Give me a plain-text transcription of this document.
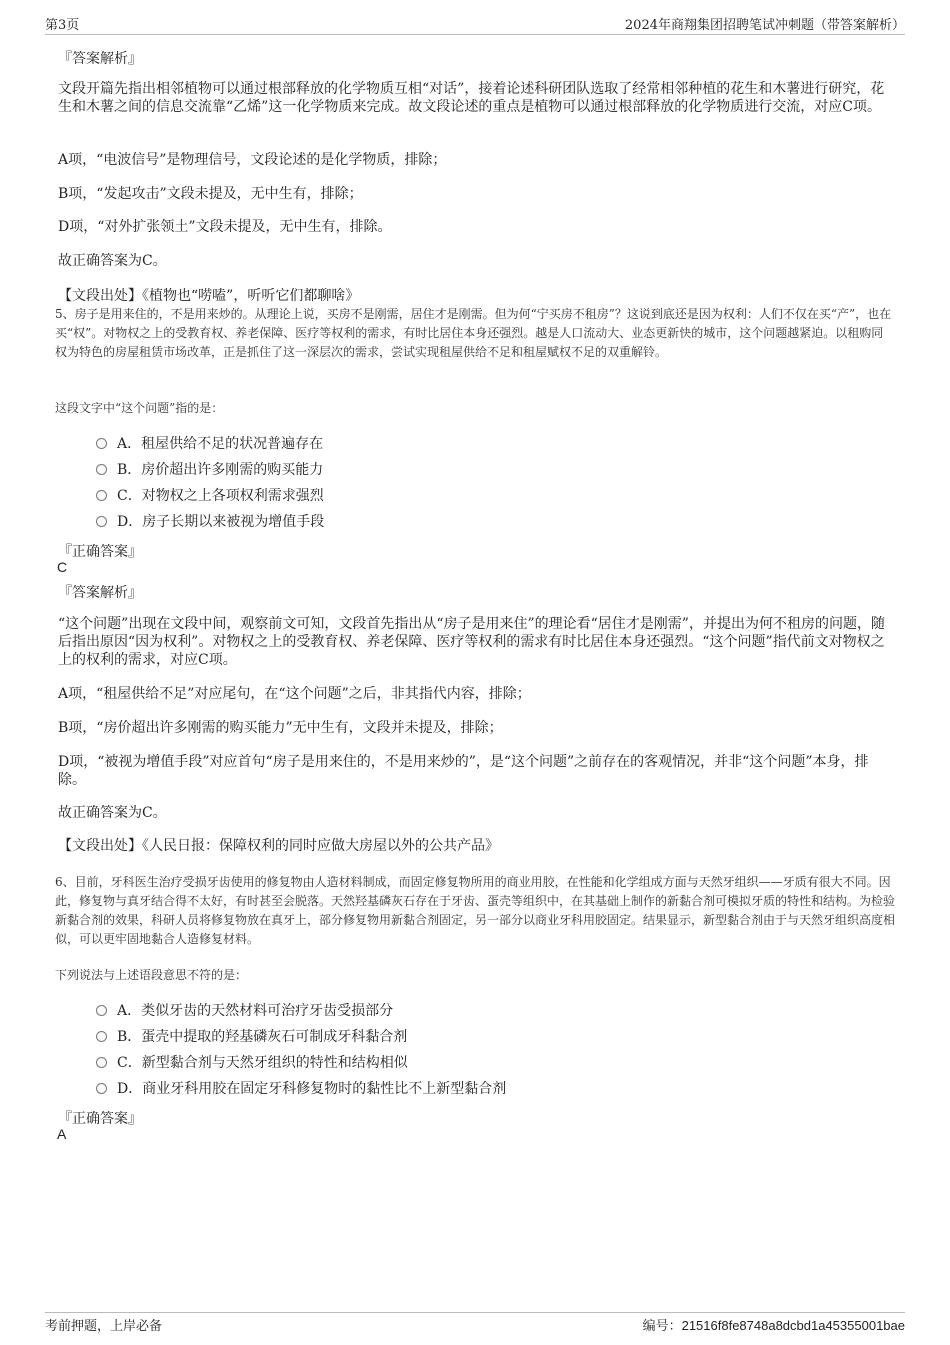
第3页	2024年商翔集团招聘笔试冲刺题（带答案解析）

『答案解析』

文段开篇先指出相邻植物可以通过根部释放的化学物质互相“对话”，接着论述科研团队选取了经常相邻种植的花生和木薯进行研究，花生和木薯之间的信息交流靠“乙烯”这一化学物质来完成。故文段论述的重点是植物可以通过根部释放的化学物质进行交流，对应C项。

A项，“电波信号”是物理信号，文段论述的是化学物质，排除；

B项，“发起攻击”文段未提及，无中生有，排除；

D项，“对外扩张领土”文段未提及，无中生有，排除。

故正确答案为C。

【文段出处】《植物也“唠嗑”，听听它们都聊啥》

5、房子是用来住的，不是用来炒的。从理论上说，买房不是刚需，居住才是刚需。但为何“宁买房不租房”？这说到底还是因为权利：人们不仅在买“产”，也在买“权”。对物权之上的受教育权、养老保障、医疗等权利的需求，有时比居住本身还强烈。越是人口流动大、业态更新快的城市，这个问题越紧迫。以租购同权为特色的房屋租赁市场改革，正是抓住了这一深层次的需求，尝试实现租屋供给不足和租屋赋权不足的双重解铃。

这段文字中“这个问题”指的是：

A．租屋供给不足的状况普遍存在
B．房价超出许多刚需的购买能力
C．对物权之上各项权利需求强烈
D．房子长期以来被视为增值手段

『正确答案』

C

『答案解析』

“这个问题”出现在文段中间，观察前文可知，文段首先指出从“房子是用来住”的理论看“居住才是刚需”，并提出为何不租房的问题，随后指出原因“因为权利”。对物权之上的受教育权、养老保障、医疗等权利的需求有时比居住本身还强烈。“这个问题”指代前文对物权之上的权利的需求，对应C项。

A项，“租屋供给不足”对应尾句，在“这个问题”之后，非其指代内容，排除；

B项，“房价超出许多刚需的购买能力”无中生有，文段并未提及，排除；

D项，“被视为增值手段”对应首句“房子是用来住的，不是用来炒的”，是“这个问题”之前存在的客观情况，并非“这个问题”本身，排除。

故正确答案为C。

【文段出处】《人民日报：保障权利的同时应做大房屋以外的公共产品》

6、目前，牙科医生治疗受损牙齿使用的修复物由人造材料制成，而固定修复物所用的商业用胶，在性能和化学组成方面与天然牙组织——牙质有很大不同。因此，修复物与真牙结合得不太好，有时甚至会脱落。天然羟基磷灰石存在于牙齿、蛋壳等组织中，在其基础上制作的新黏合剂可模拟牙质的特性和结构。为检验新黏合剂的效果，科研人员将修复物放在真牙上，部分修复物用新黏合剂固定，另一部分以商业牙科用胶固定。结果显示，新型黏合剂由于与天然牙组织高度相似，可以更牢固地黏合人造修复材料。

下列说法与上述语段意思不符的是：

A．类似牙齿的天然材料可治疗牙齿受损部分
B．蛋壳中提取的羟基磷灰石可制成牙科黏合剂
C．新型黏合剂与天然牙组织的特性和结构相似
D．商业牙科用胶在固定牙科修复物时的黏性比不上新型黏合剂

『正确答案』

A

考前押题，上岸必备	编号：21516f8fe8748a8dcbd1a45355001bae
